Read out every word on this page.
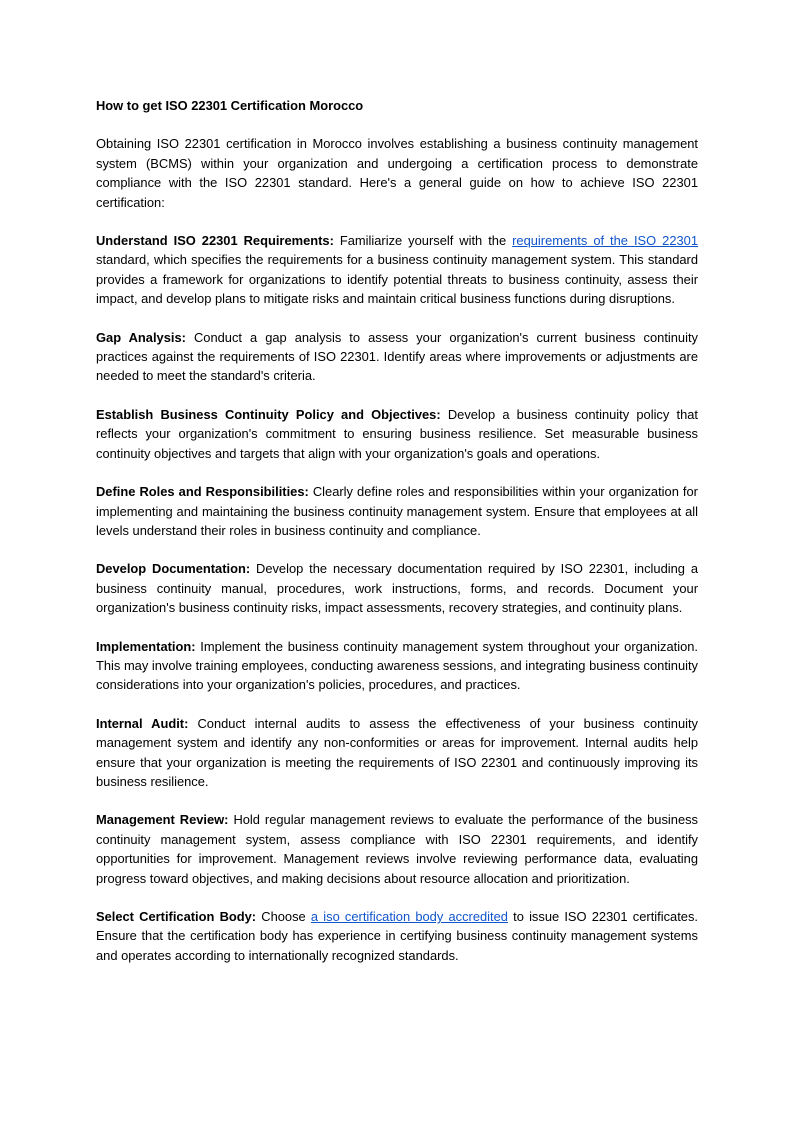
How to get ISO 22301 Certification Morocco

Obtaining ISO 22301 certification in Morocco involves establishing a business continuity management system (BCMS) within your organization and undergoing a certification process to demonstrate compliance with the ISO 22301 standard. Here's a general guide on how to achieve ISO 22301 certification:

Understand ISO 22301 Requirements: Familiarize yourself with the requirements of the ISO 22301 standard, which specifies the requirements for a business continuity management system. This standard provides a framework for organizations to identify potential threats to business continuity, assess their impact, and develop plans to mitigate risks and maintain critical business functions during disruptions.

Gap Analysis: Conduct a gap analysis to assess your organization's current business continuity practices against the requirements of ISO 22301. Identify areas where improvements or adjustments are needed to meet the standard's criteria.

Establish Business Continuity Policy and Objectives: Develop a business continuity policy that reflects your organization's commitment to ensuring business resilience. Set measurable business continuity objectives and targets that align with your organization's goals and operations.

Define Roles and Responsibilities: Clearly define roles and responsibilities within your organization for implementing and maintaining the business continuity management system. Ensure that employees at all levels understand their roles in business continuity and compliance.

Develop Documentation: Develop the necessary documentation required by ISO 22301, including a business continuity manual, procedures, work instructions, forms, and records. Document your organization's business continuity risks, impact assessments, recovery strategies, and continuity plans.

Implementation: Implement the business continuity management system throughout your organization. This may involve training employees, conducting awareness sessions, and integrating business continuity considerations into your organization's policies, procedures, and practices.

Internal Audit: Conduct internal audits to assess the effectiveness of your business continuity management system and identify any non-conformities or areas for improvement. Internal audits help ensure that your organization is meeting the requirements of ISO 22301 and continuously improving its business resilience.

Management Review: Hold regular management reviews to evaluate the performance of the business continuity management system, assess compliance with ISO 22301 requirements, and identify opportunities for improvement. Management reviews involve reviewing performance data, evaluating progress toward objectives, and making decisions about resource allocation and prioritization.

Select Certification Body: Choose a iso certification body accredited to issue ISO 22301 certificates. Ensure that the certification body has experience in certifying business continuity management systems and operates according to internationally recognized standards.
